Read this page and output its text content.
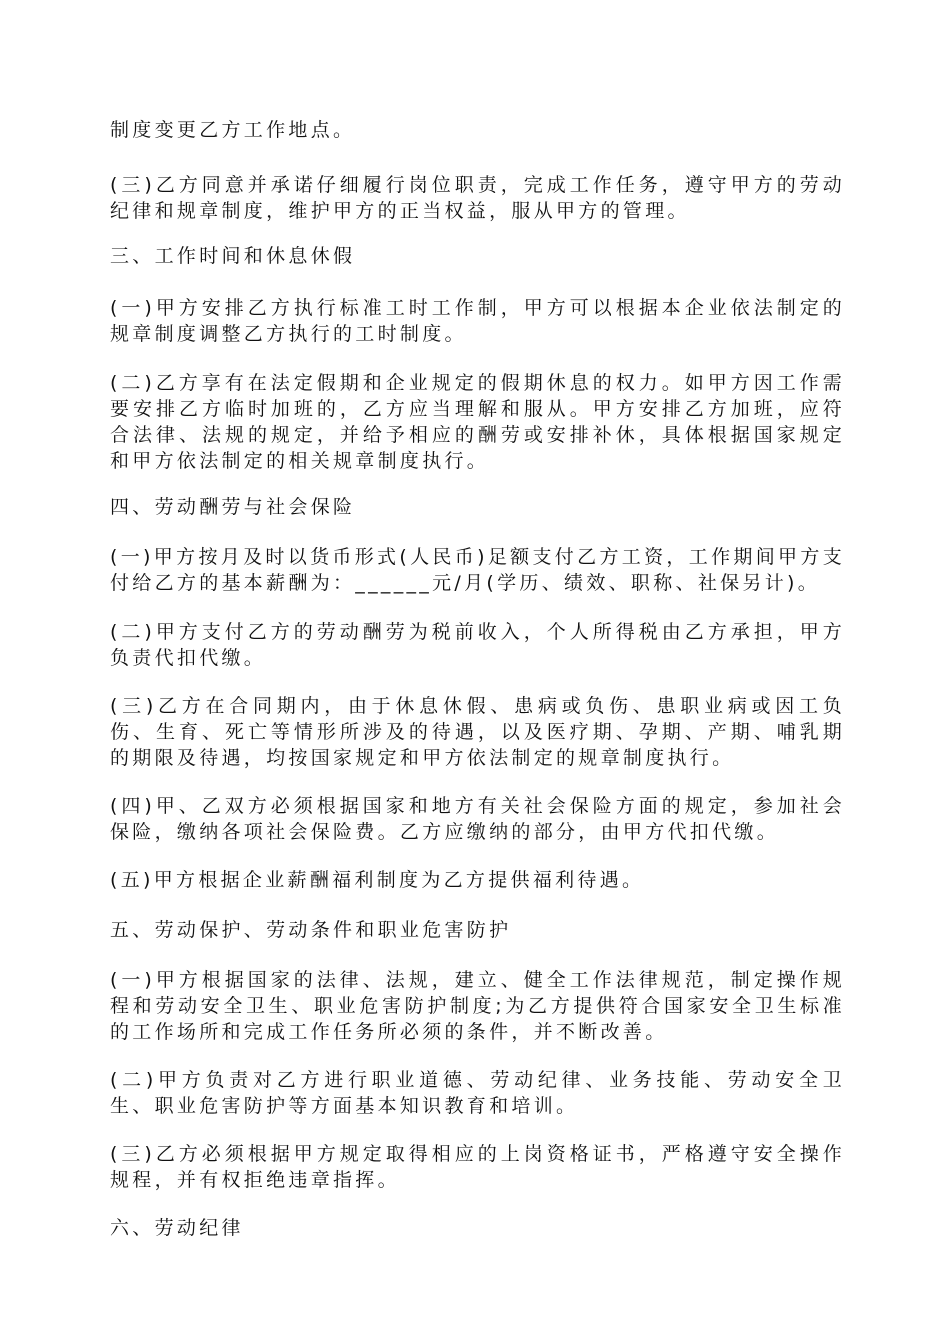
制度变更乙方工作地点。

(三)乙方同意并承诺仔细履行岗位职责，完成工作任务，遵守甲方的劳动纪律和规章制度，维护甲方的正当权益，服从甲方的管理。

三、工作时间和休息休假

(一)甲方安排乙方执行标准工时工作制，甲方可以根据本企业依法制定的规章制度调整乙方执行的工时制度。

(二)乙方享有在法定假期和企业规定的假期休息的权力。如甲方因工作需要安排乙方临时加班的，乙方应当理解和服从。甲方安排乙方加班，应符合法律、法规的规定，并给予相应的酬劳或安排补休，具体根据国家规定和甲方依法制定的相关规章制度执行。

四、劳动酬劳与社会保险

(一)甲方按月及时以货币形式(人民币)足额支付乙方工资，工作期间甲方支付给乙方的基本薪酬为：______元/月(学历、绩效、职称、社保另计)。

(二)甲方支付乙方的劳动酬劳为税前收入，个人所得税由乙方承担，甲方负责代扣代缴。

(三)乙方在合同期内，由于休息休假、患病或负伤、患职业病或因工负伤、生育、死亡等情形所涉及的待遇，以及医疗期、孕期、产期、哺乳期的期限及待遇，均按国家规定和甲方依法制定的规章制度执行。

(四)甲、乙双方必须根据国家和地方有关社会保险方面的规定，参加社会保险，缴纳各项社会保险费。乙方应缴纳的部分，由甲方代扣代缴。

(五)甲方根据企业薪酬福利制度为乙方提供福利待遇。

五、劳动保护、劳动条件和职业危害防护

(一)甲方根据国家的法律、法规，建立、健全工作法律规范，制定操作规程和劳动安全卫生、职业危害防护制度;为乙方提供符合国家安全卫生标准的工作场所和完成工作任务所必须的条件，并不断改善。

(二)甲方负责对乙方进行职业道德、劳动纪律、业务技能、劳动安全卫生、职业危害防护等方面基本知识教育和培训。

(三)乙方必须根据甲方规定取得相应的上岗资格证书，严格遵守安全操作规程，并有权拒绝违章指挥。

六、劳动纪律
